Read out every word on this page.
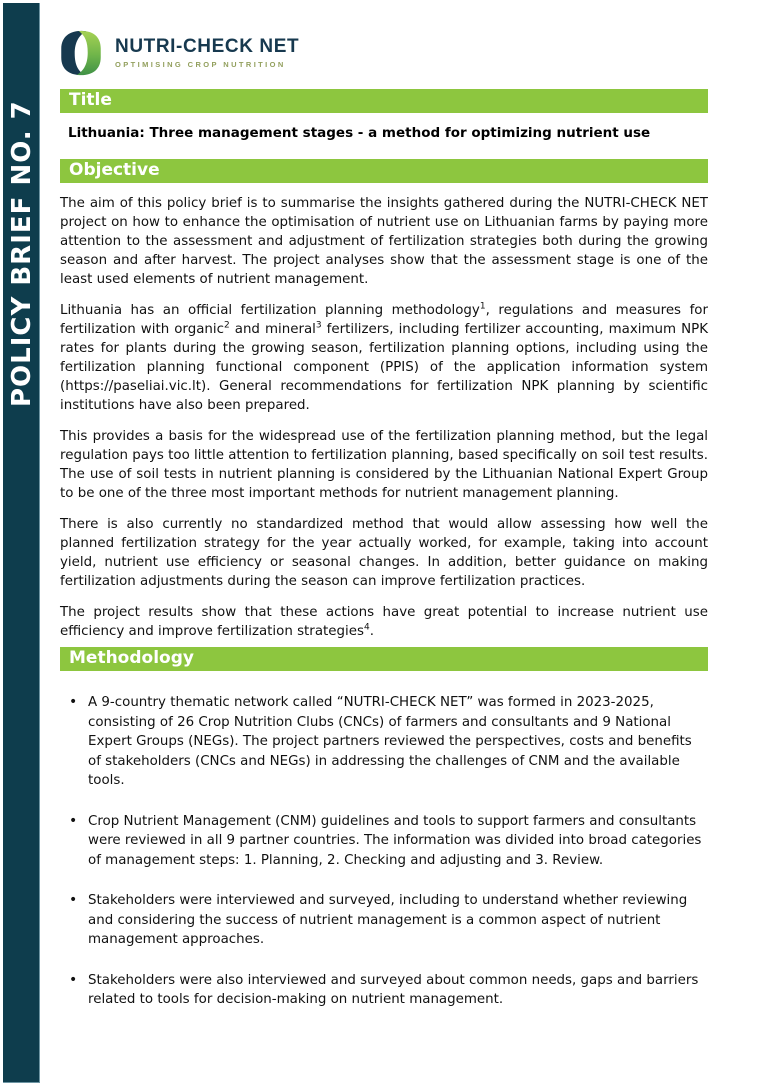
POLICY BRIEF NO. 7
NUTRI-CHECK NET
OPTIMISING CROP NUTRITION
Title

Lithuania: Three management stages - a method for optimizing nutrient use

Objective

The aim of this policy brief is to summarise the insights gathered during the NUTRI-CHECK NET project on how to enhance the optimisation of nutrient use on Lithuanian farms by paying more attention to the assessment and adjustment of fertilization strategies both during the growing season and after harvest. The project analyses show that the assessment stage is one of the least used elements of nutrient management.

Lithuania has an official fertilization planning methodology$^1$, regulations and measures for fertilization with organic$^2$ and mineral$^3$ fertilizers, including fertilizer accounting, maximum NPK rates for plants during the growing season, fertilization planning options, including using the fertilization planning functional component (PPIS) of the application information system (https://paseliai.vic.lt). General recommendations for fertilization NPK planning by scientific institutions have also been prepared.

This provides a basis for the widespread use of the fertilization planning method, but the legal regulation pays too little attention to fertilization planning, based specifically on soil test results. The use of soil tests in nutrient planning is considered by the Lithuanian National Expert Group to be one of the three most important methods for nutrient management planning.

There is also currently no standardized method that would allow assessing how well the planned fertilization strategy for the year actually worked, for example, taking into account yield, nutrient use efficiency or seasonal changes. In addition, better guidance on making fertilization adjustments during the season can improve fertilization practices.

The project results show that these actions have great potential to increase nutrient use efficiency and improve fertilization strategies$^4$.

Methodology
• A 9-country thematic network called “NUTRI-CHECK NET” was formed in 2023-2025, consisting of 26 Crop Nutrition Clubs (CNCs) of farmers and consultants and 9 National Expert Groups (NEGs). The project partners reviewed the perspectives, costs and benefits of stakeholders (CNCs and NEGs) in addressing the challenges of CNM and the available tools.
• Crop Nutrient Management (CNM) guidelines and tools to support farmers and consultants were reviewed in all 9 partner countries. The information was divided into broad categories of management steps: 1. Planning, 2. Checking and adjusting and 3. Review.
• Stakeholders were interviewed and surveyed, including to understand whether reviewing and considering the success of nutrient management is a common aspect of nutrient management approaches.
• Stakeholders were also interviewed and surveyed about common needs, gaps and barriers related to tools for decision-making on nutrient management.
